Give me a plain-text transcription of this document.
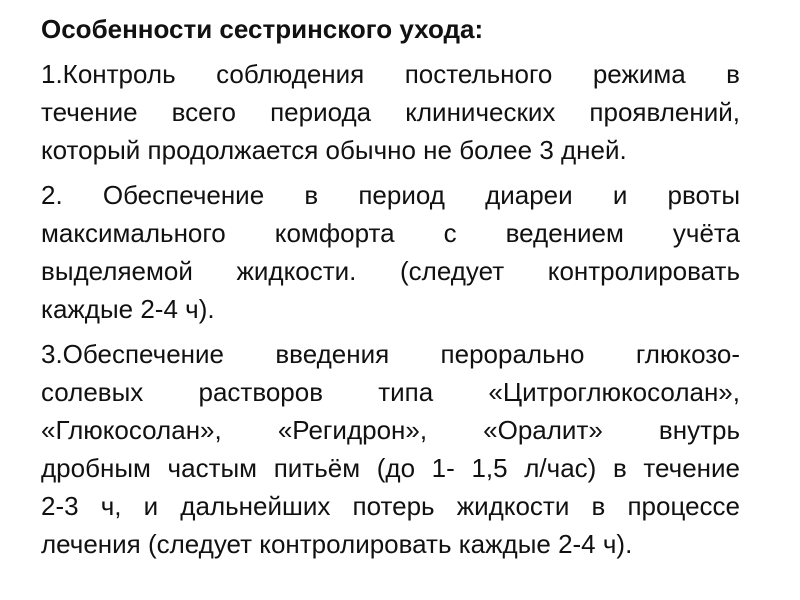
Особенности сестринского ухода:
1.Контроль соблюдения постельного режима в
течение всего периода клинических проявлений,
который продолжается обычно не более 3 дней.
2. Обеспечение в период диареи и рвоты
максимального комфорта с ведением учёта
выделяемой жидкости. (следует контролировать
каждые 2-4 ч).
3.Обеспечение введения перорально глюкозо-
солевых растворов типа «Цитроглюкосолан»,
«Глюкосолан», «Регидрон», «Оралит» внутрь
дробным частым питьём (до 1- 1,5 л/час) в течение
2-3 ч, и дальнейших потерь жидкости в процессе
лечения (следует контролировать каждые 2-4 ч).
